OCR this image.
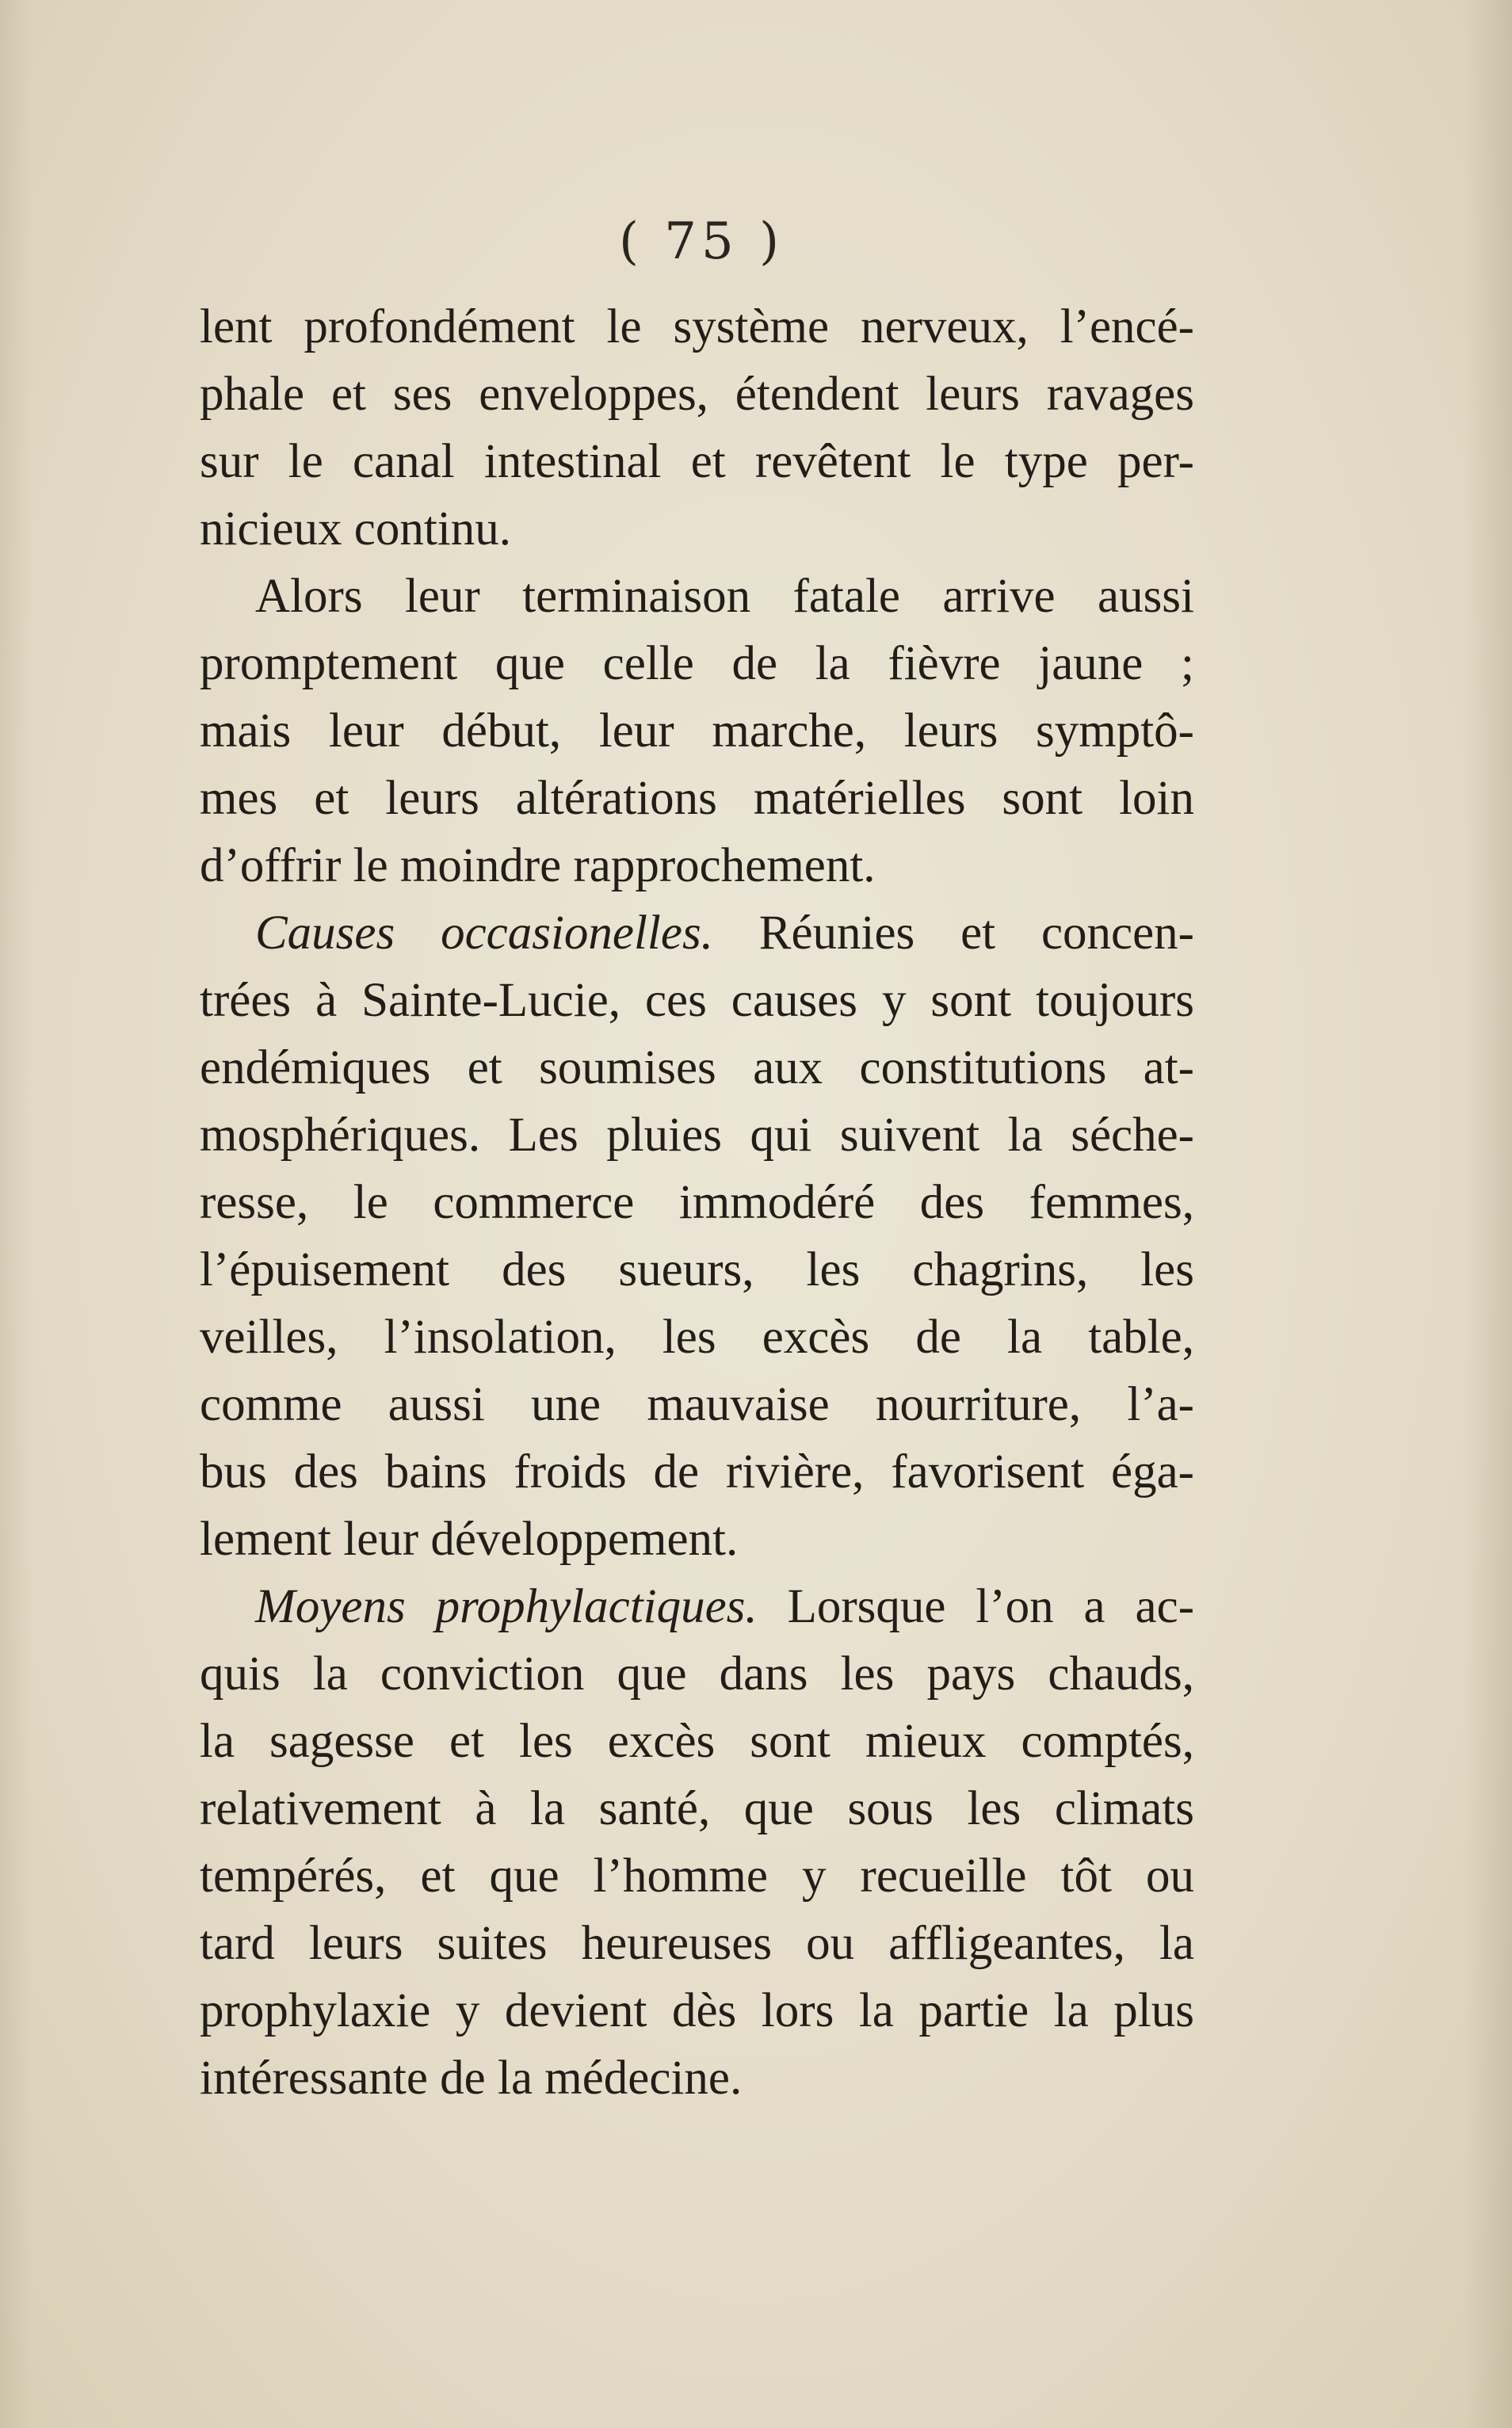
( 75 )
lent profondément le système nerveux, l’encé-
phale et ses enveloppes, étendent leurs ravages
sur le canal intestinal et revêtent le type per-
nicieux continu.
Alors leur terminaison fatale arrive aussi
promptement que celle de la fièvre jaune ;
mais leur début, leur marche, leurs symptô-
mes et leurs altérations matérielles sont loin
d’offrir le moindre rapprochement.
Causes occasionelles. Réunies et concen-
trées à Sainte-Lucie, ces causes y sont toujours
endémiques et soumises aux constitutions at-
mosphériques. Les pluies qui suivent la séche-
resse, le commerce immodéré des femmes,
l’épuisement des sueurs, les chagrins, les
veilles, l’insolation, les excès de la table,
comme aussi une mauvaise nourriture, l’a-
bus des bains froids de rivière, favorisent éga-
lement leur développement.
Moyens prophylactiques. Lorsque l’on a ac-
quis la conviction que dans les pays chauds,
la sagesse et les excès sont mieux comptés,
relativement à la santé, que sous les climats
tempérés, et que l’homme y recueille tôt ou
tard leurs suites heureuses ou affligeantes, la
prophylaxie y devient dès lors la partie la plus
intéressante de la médecine.
